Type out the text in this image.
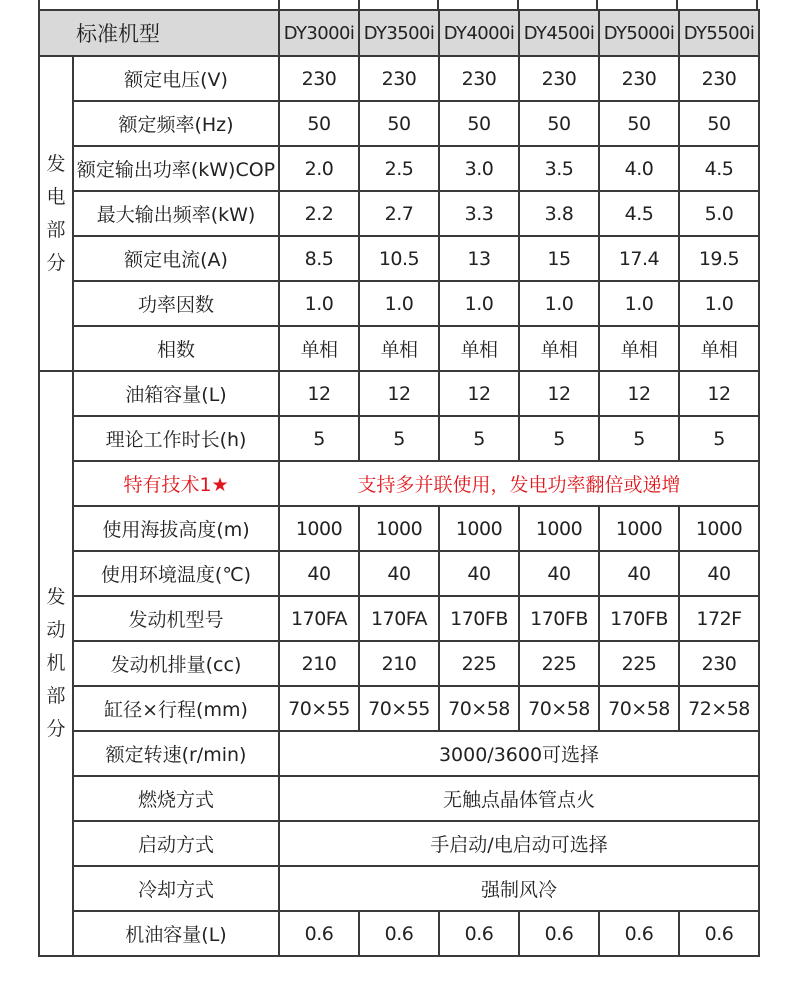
标准机型		DY3000i	DY3500i	DY4000i	DY4500i	DY5000i	DY5500i

发电部分	额定电压(V)	230	230	230	230	230	230
	额定频率(Hz)	50	50	50	50	50	50
	额定输出功率(kW)COP	2.0	2.5	3.0	3.5	4.0	4.5
	最大输出频率(kW)	2.2	2.7	3.3	3.8	4.5	5.0
	额定电流(A)	8.5	10.5	13	15	17.4	19.5
	功率因数	1.0	1.0	1.0	1.0	1.0	1.0
	相数	单相	单相	单相	单相	单相	单相

发动机部分	油箱容量(L)	12	12	12	12	12	12
	理论工作时长(h)	5	5	5	5	5	5
	特有技术1★	支持多并联使用，发电功率翻倍或递增					
	使用海拔高度(m)	1000	1000	1000	1000	1000	1000
	使用环境温度(℃)	40	40	40	40	40	40
	发动机型号	170FA	170FA	170FB	170FB	170FB	172F
	发动机排量(cc)	210	210	225	225	225	230
	缸径×行程(mm)	70×55	70×55	70×58	70×58	70×58	72×58
	额定转速(r/min)	3000/3600可选择					
	燃烧方式	无触点晶体管点火					
	启动方式	手启动/电启动可选择					
	冷却方式	强制风冷					
	机油容量(L)	0.6	0.6	0.6	0.6	0.6	0.6
